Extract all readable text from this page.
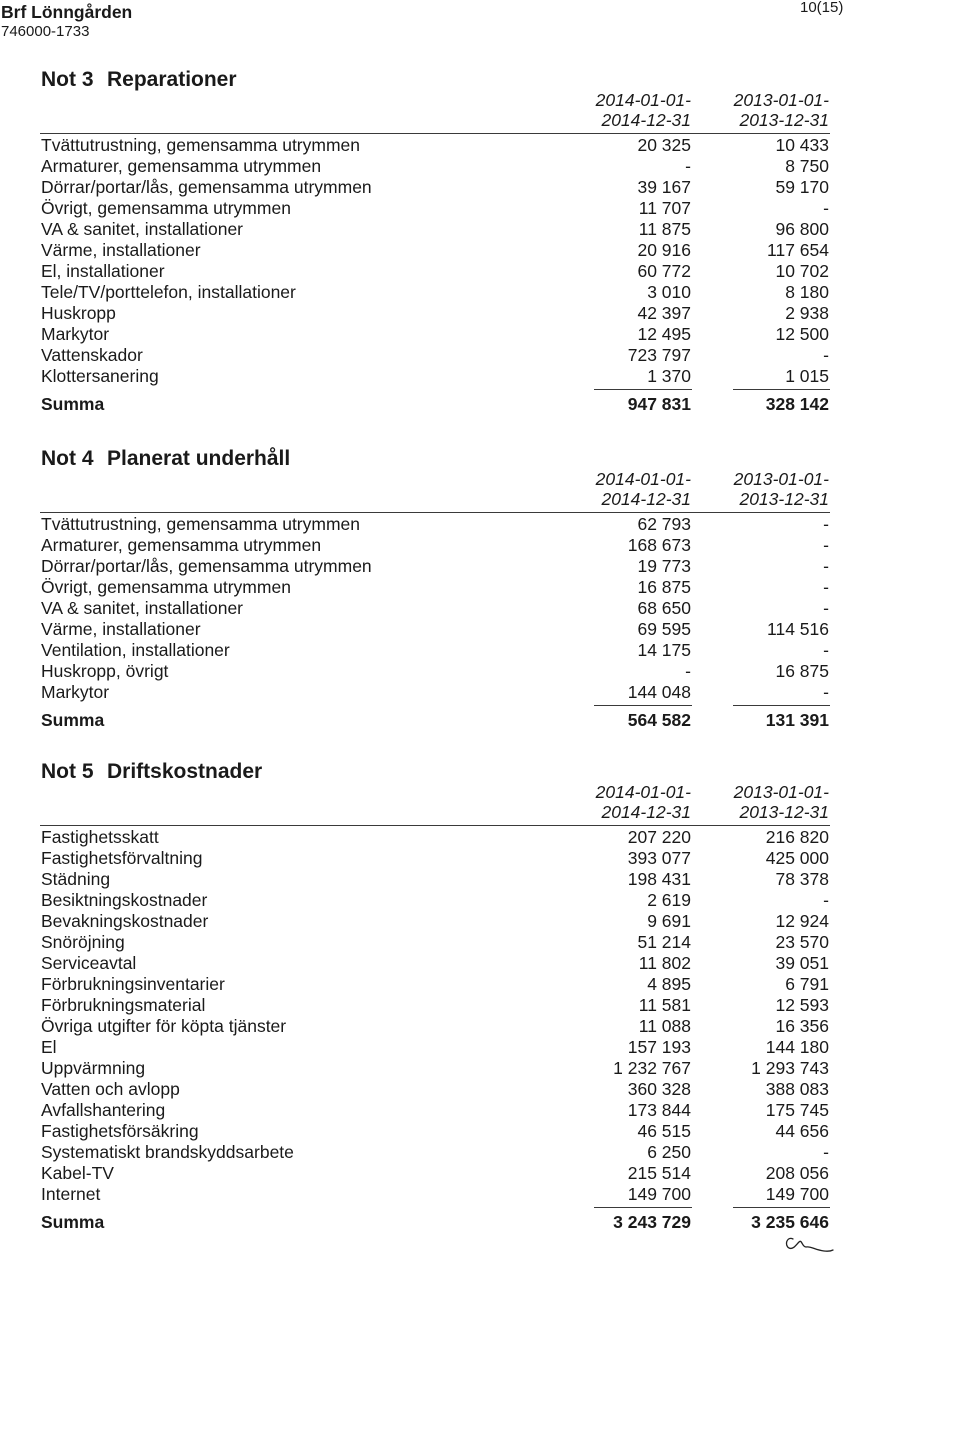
Brf Lönngården
746000-1733
10(15)
Not 3 Reparationer
2014-01-01-
2014-12-31
2013-01-01-
2013-12-31
Tvättutrustning, gemensamma utrymmen	20 325	10 433
Armaturer, gemensamma utrymmen	-	8 750
Dörrar/portar/lås, gemensamma utrymmen	39 167	59 170
Övrigt, gemensamma utrymmen	11 707	-
VA & sanitet, installationer	11 875	96 800
Värme, installationer	20 916	117 654
El, installationer	60 772	10 702
Tele/TV/porttelefon, installationer	3 010	8 180
Huskropp	42 397	2 938
Markytor	12 495	12 500
Vattenskador	723 797	-
Klottersanering	1 370	1 015
Summa	947 831	328 142
Not 4 Planerat underhåll
2014-01-01-
2014-12-31
2013-01-01-
2013-12-31
Tvättutrustning, gemensamma utrymmen	62 793	-
Armaturer, gemensamma utrymmen	168 673	-
Dörrar/portar/lås, gemensamma utrymmen	19 773	-
Övrigt, gemensamma utrymmen	16 875	-
VA & sanitet, installationer	68 650	-
Värme, installationer	69 595	114 516
Ventilation, installationer	14 175	-
Huskropp, övrigt	-	16 875
Markytor	144 048	-
Summa	564 582	131 391
Not 5 Driftskostnader
2014-01-01-
2014-12-31
2013-01-01-
2013-12-31
Fastighetsskatt	207 220	216 820
Fastighetsförvaltning	393 077	425 000
Städning	198 431	78 378
Besiktningskostnader	2 619	-
Bevakningskostnader	9 691	12 924
Snöröjning	51 214	23 570
Serviceavtal	11 802	39 051
Förbrukningsinventarier	4 895	6 791
Förbrukningsmaterial	11 581	12 593
Övriga utgifter för köpta tjänster	11 088	16 356
El	157 193	144 180
Uppvärmning	1 232 767	1 293 743
Vatten och avlopp	360 328	388 083
Avfallshantering	173 844	175 745
Fastighetsförsäkring	46 515	44 656
Systematiskt brandskyddsarbete	6 250	-
Kabel-TV	215 514	208 056
Internet	149 700	149 700
Summa	3 243 729	3 235 646
